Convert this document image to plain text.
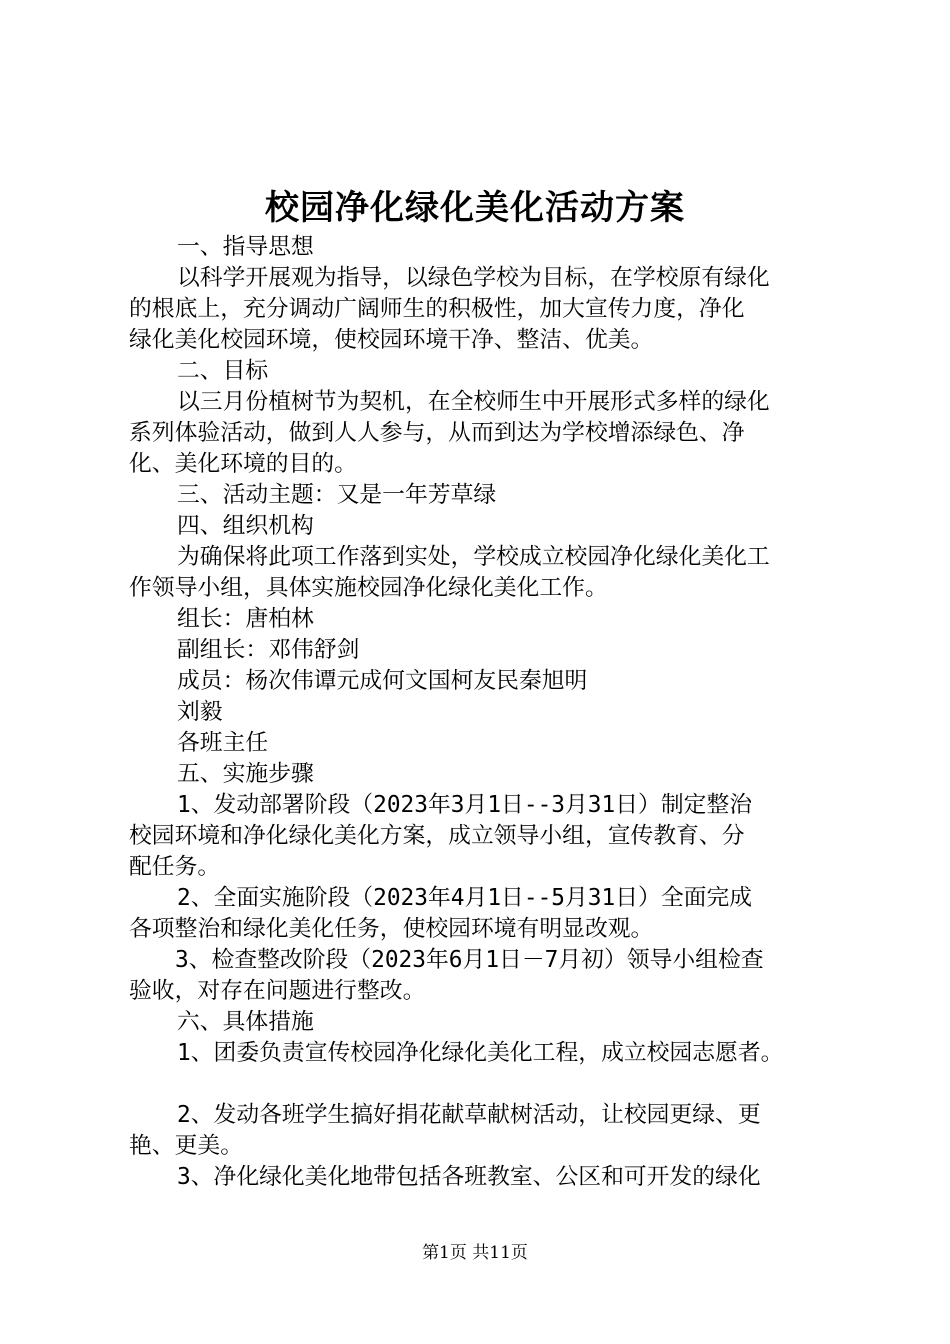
校园净化绿化美化活动方案
一、指导思想
以科学开展观为指导，以绿色学校为目标，在学校原有绿化
的根底上，充分调动广阔师生的积极性，加大宣传力度，净化
绿化美化校园环境，使校园环境干净、整洁、优美。
二、目标
以三月份植树节为契机，在全校师生中开展形式多样的绿化
系列体验活动，做到人人参与，从而到达为学校增添绿色、净
化、美化环境的目的。
三、活动主题：又是一年芳草绿
四、组织机构
为确保将此项工作落到实处，学校成立校园净化绿化美化工
作领导小组，具体实施校园净化绿化美化工作。
组长：唐柏林
副组长：邓伟舒剑
成员：杨次伟谭元成何文国柯友民秦旭明
刘毅
各班主任
五、实施步骤
1、发动部署阶段（2023年3月1日--3月31日）制定整治
校园环境和净化绿化美化方案，成立领导小组，宣传教育、分
配任务。
2、全面实施阶段（2023年4月1日--5月31日）全面完成
各项整治和绿化美化任务，使校园环境有明显改观。
3、检查整改阶段（2023年6月1日－7月初）领导小组检查
验收，对存在问题进行整改。
六、具体措施
1、团委负责宣传校园净化绿化美化工程，成立校园志愿者。
2、发动各班学生搞好捐花献草献树活动，让校园更绿、更
艳、更美。
3、净化绿化美化地带包括各班教室、公区和可开发的绿化
第1页 共11页
